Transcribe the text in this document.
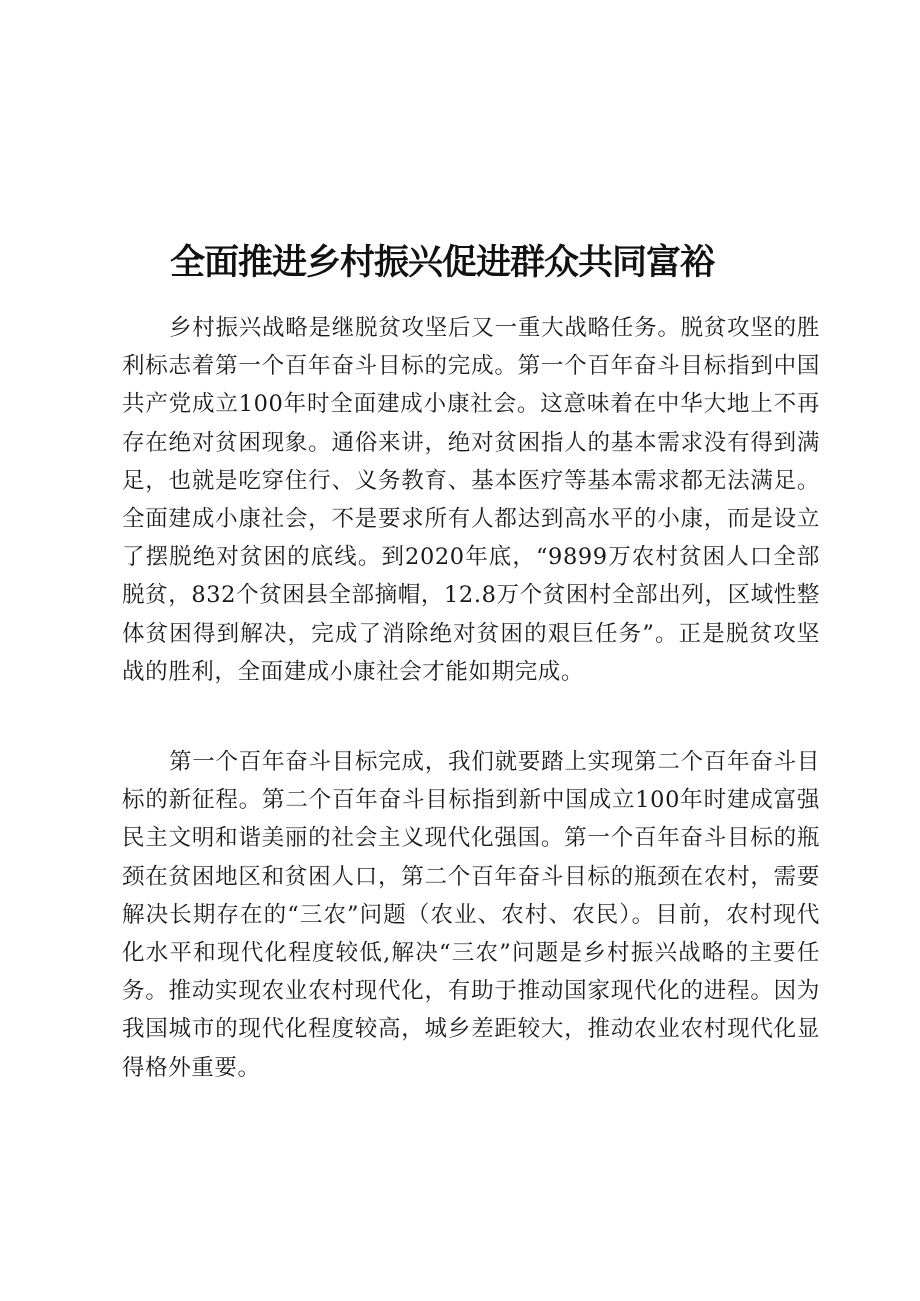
全面推进乡村振兴促进群众共同富裕

乡村振兴战略是继脱贫攻坚后又一重大战略任务。脱贫攻坚的胜利标志着第一个百年奋斗目标的完成。第一个百年奋斗目标指到中国共产党成立100年时全面建成小康社会。这意味着在中华大地上不再存在绝对贫困现象。通俗来讲，绝对贫困指人的基本需求没有得到满足，也就是吃穿住行、义务教育、基本医疗等基本需求都无法满足。全面建成小康社会，不是要求所有人都达到高水平的小康，而是设立了摆脱绝对贫困的底线。到2020年底，“9899万农村贫困人口全部脱贫，832个贫困县全部摘帽，12.8万个贫困村全部出列，区域性整体贫困得到解决，完成了消除绝对贫困的艰巨任务”。正是脱贫攻坚战的胜利，全面建成小康社会才能如期完成。

第一个百年奋斗目标完成，我们就要踏上实现第二个百年奋斗目标的新征程。第二个百年奋斗目标指到新中国成立100年时建成富强民主文明和谐美丽的社会主义现代化强国。第一个百年奋斗目标的瓶颈在贫困地区和贫困人口，第二个百年奋斗目标的瓶颈在农村，需要解决长期存在的“三农”问题（农业、农村、农民）。目前，农村现代化水平和现代化程度较低,解决“三农”问题是乡村振兴战略的主要任务。推动实现农业农村现代化，有助于推动国家现代化的进程。因为我国城市的现代化程度较高，城乡差距较大，推动农业农村现代化显得格外重要。
